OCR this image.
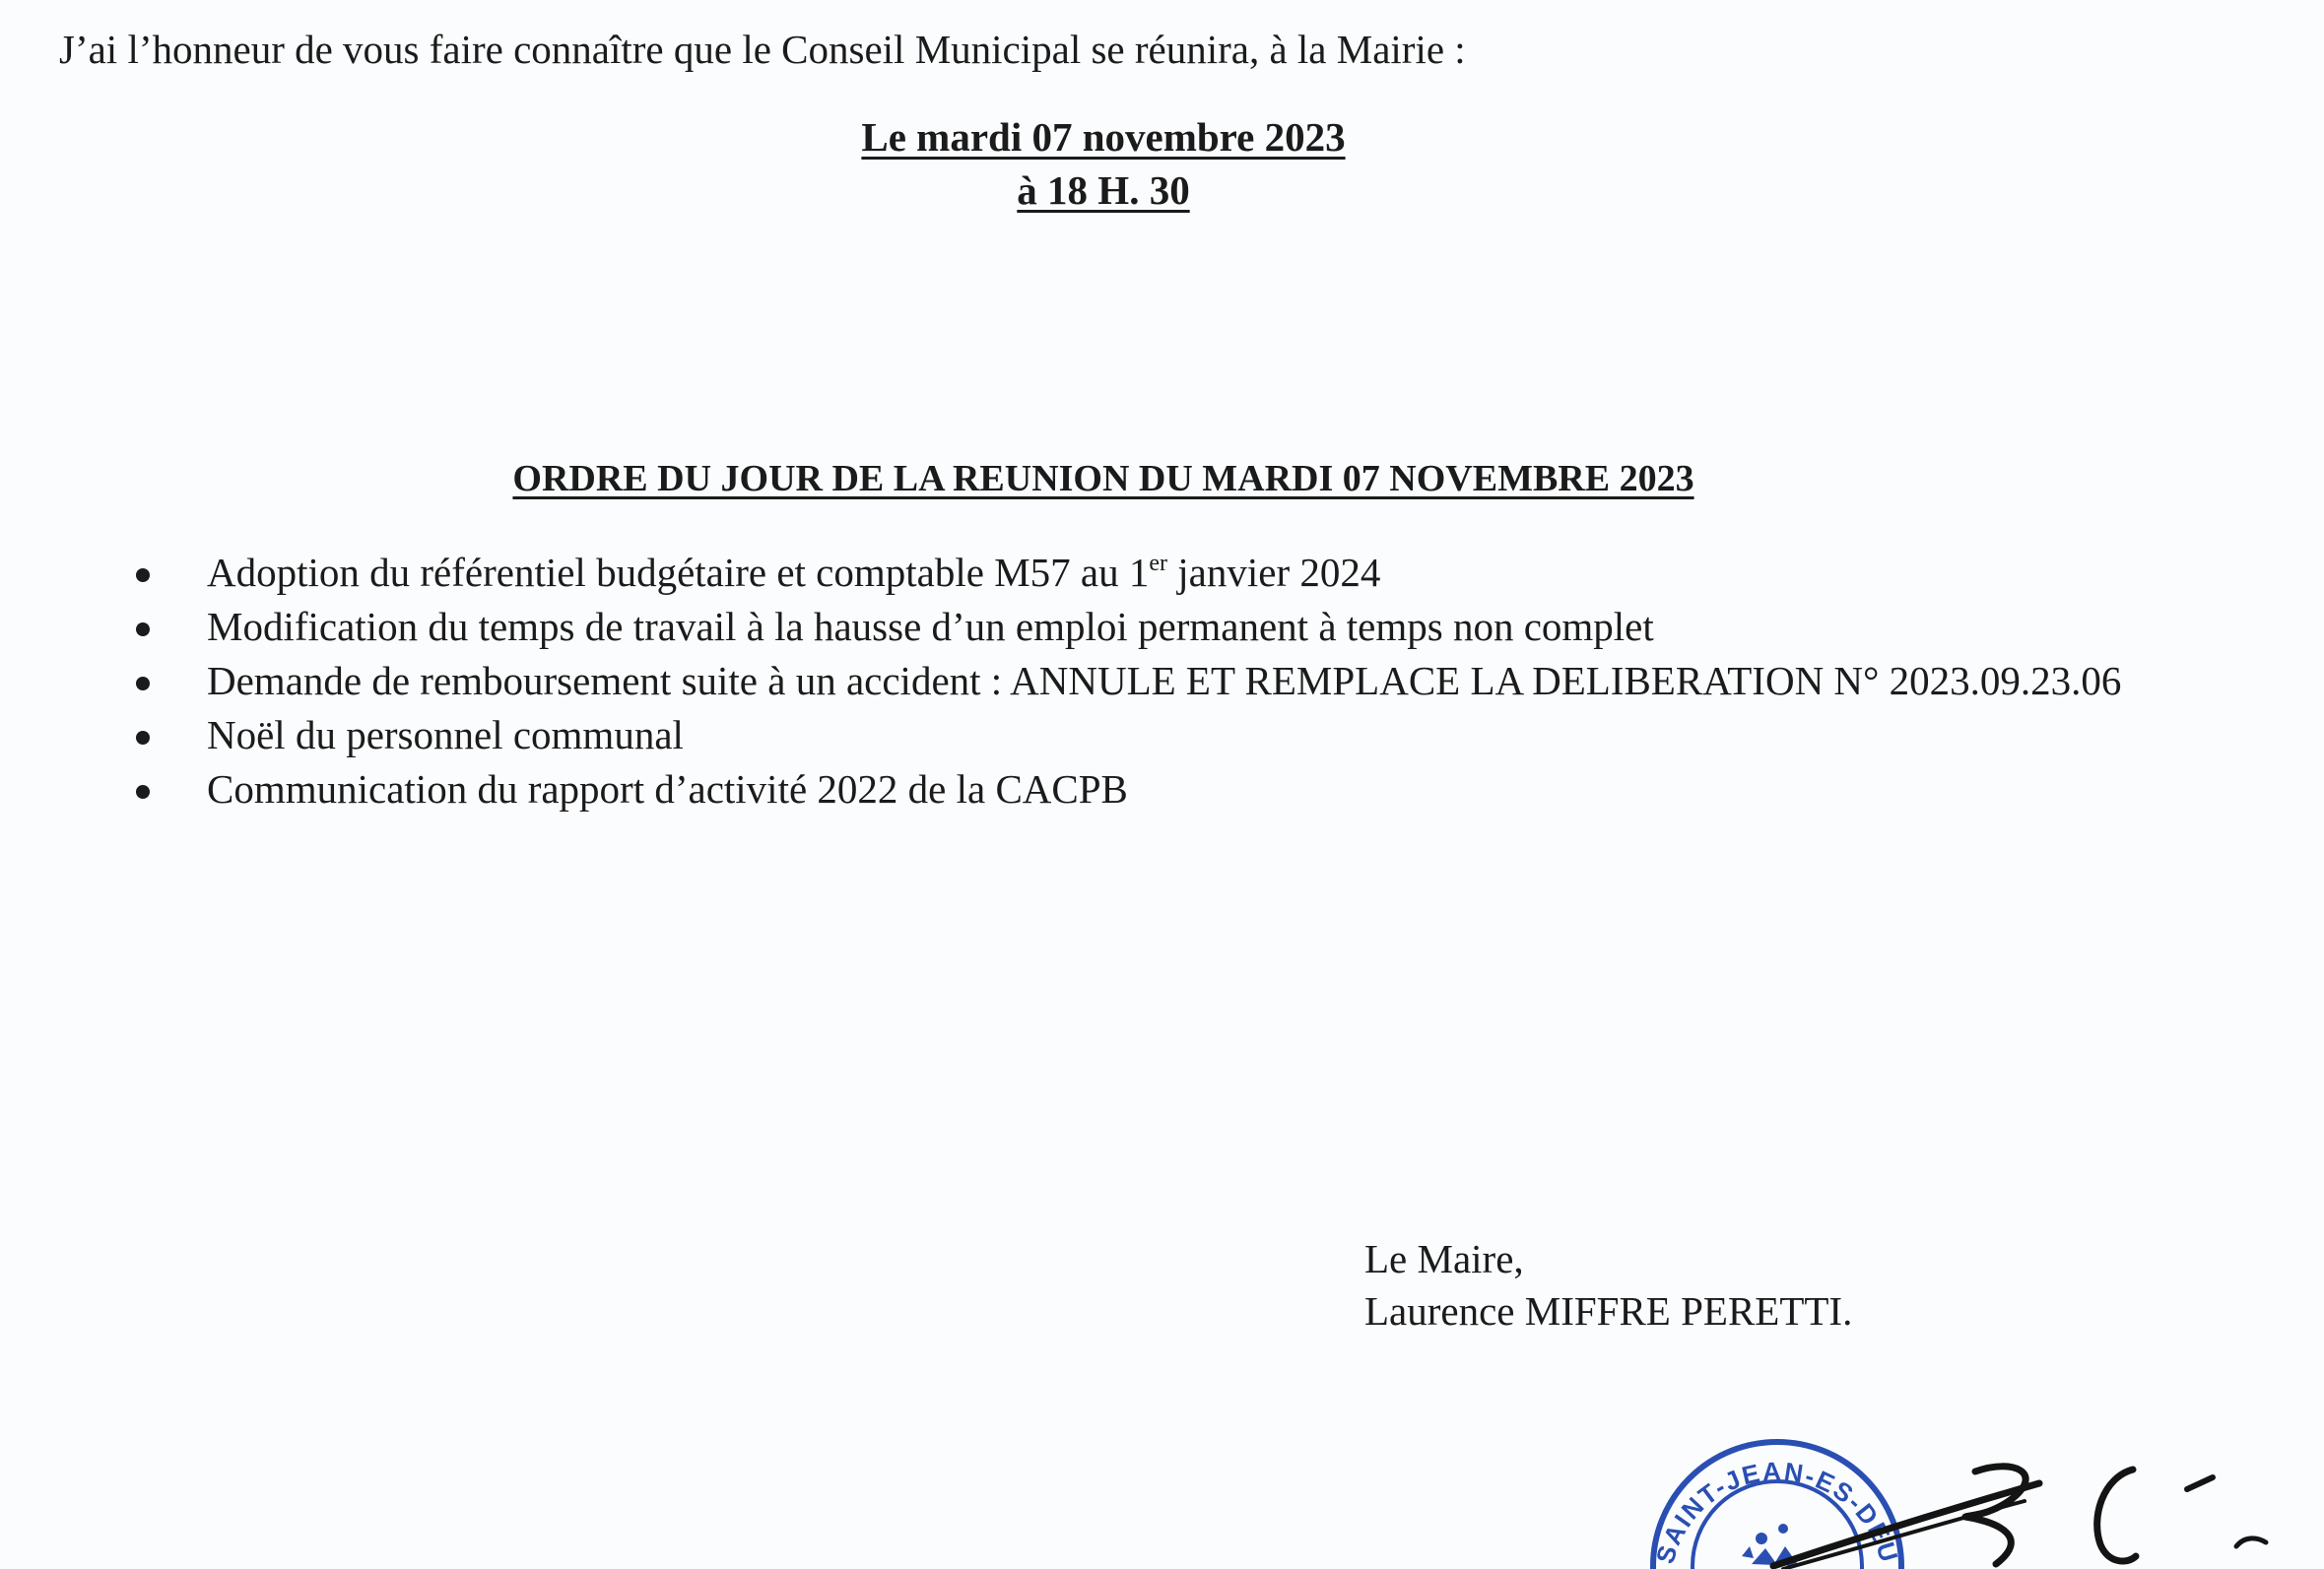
J’ai l’honneur de vous faire connaître que le Conseil Municipal se réunira, à la Mairie :
Le mardi 07 novembre 2023
à 18 H. 30
ORDRE DU JOUR DE LA REUNION DU MARDI 07 NOVEMBRE 2023
Adoption du référentiel budgétaire et comptable M57 au 1er janvier 2024
Modification du temps de travail à la hausse d’un emploi permanent à temps non complet
Demande de remboursement suite à un accident : ANNULE ET REMPLACE LA DELIBERATION N° 2023.09.23.06
Noël du personnel communal
Communication du rapport d’activité 2022 de la CACPB
Le Maire,
Laurence MIFFRE PERETTI.
SAINT-JEAN-ES-DEU
